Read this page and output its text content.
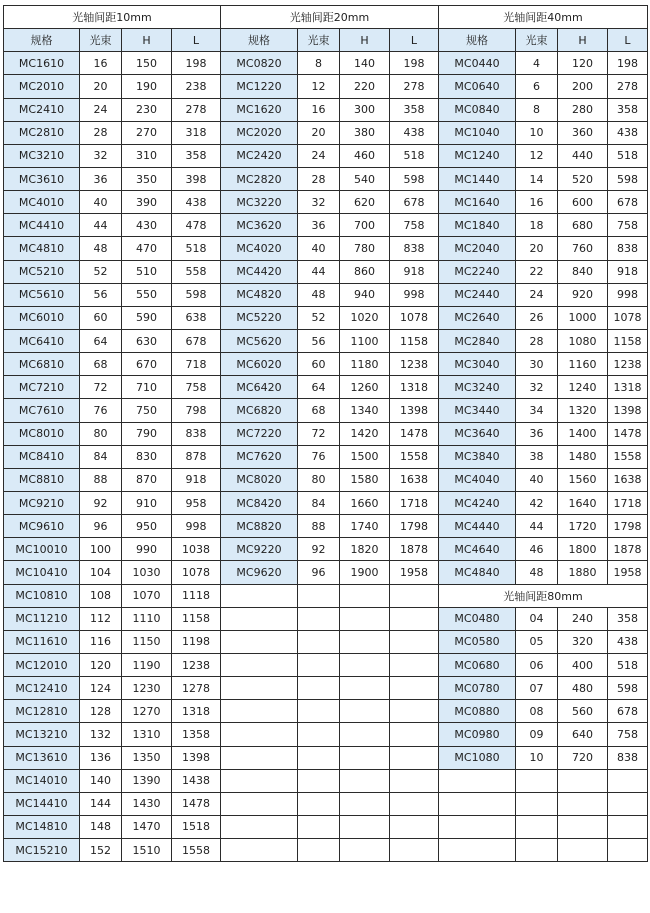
光轴间距10mm				光轴间距20mm				光轴间距40mm			
规格	光束	H	L	规格	光束	H	L	规格	光束	H	L
MC1610	16	150	198	MC0820	8	140	198	MC0440	4	120	198
MC2010	20	190	238	MC1220	12	220	278	MC0640	6	200	278
MC2410	24	230	278	MC1620	16	300	358	MC0840	8	280	358
MC2810	28	270	318	MC2020	20	380	438	MC1040	10	360	438
MC3210	32	310	358	MC2420	24	460	518	MC1240	12	440	518
MC3610	36	350	398	MC2820	28	540	598	MC1440	14	520	598
MC4010	40	390	438	MC3220	32	620	678	MC1640	16	600	678
MC4410	44	430	478	MC3620	36	700	758	MC1840	18	680	758
MC4810	48	470	518	MC4020	40	780	838	MC2040	20	760	838
MC5210	52	510	558	MC4420	44	860	918	MC2240	22	840	918
MC5610	56	550	598	MC4820	48	940	998	MC2440	24	920	998
MC6010	60	590	638	MC5220	52	1020	1078	MC2640	26	1000	1078
MC6410	64	630	678	MC5620	56	1100	1158	MC2840	28	1080	1158
MC6810	68	670	718	MC6020	60	1180	1238	MC3040	30	1160	1238
MC7210	72	710	758	MC6420	64	1260	1318	MC3240	32	1240	1318
MC7610	76	750	798	MC6820	68	1340	1398	MC3440	34	1320	1398
MC8010	80	790	838	MC7220	72	1420	1478	MC3640	36	1400	1478
MC8410	84	830	878	MC7620	76	1500	1558	MC3840	38	1480	1558
MC8810	88	870	918	MC8020	80	1580	1638	MC4040	40	1560	1638
MC9210	92	910	958	MC8420	84	1660	1718	MC4240	42	1640	1718
MC9610	96	950	998	MC8820	88	1740	1798	MC4440	44	1720	1798
MC10010	100	990	1038	MC9220	92	1820	1878	MC4640	46	1800	1878
MC10410	104	1030	1078	MC9620	96	1900	1958	MC4840	48	1880	1958
MC10810	108	1070	1118					光轴间距80mm			
MC11210	112	1110	1158					MC0480	04	240	358
MC11610	116	1150	1198					MC0580	05	320	438
MC12010	120	1190	1238					MC0680	06	400	518
MC12410	124	1230	1278					MC0780	07	480	598
MC12810	128	1270	1318					MC0880	08	560	678
MC13210	132	1310	1358					MC0980	09	640	758
MC13610	136	1350	1398					MC1080	10	720	838
MC14010	140	1390	1438								
MC14410	144	1430	1478								
MC14810	148	1470	1518								
MC15210	152	1510	1558								
